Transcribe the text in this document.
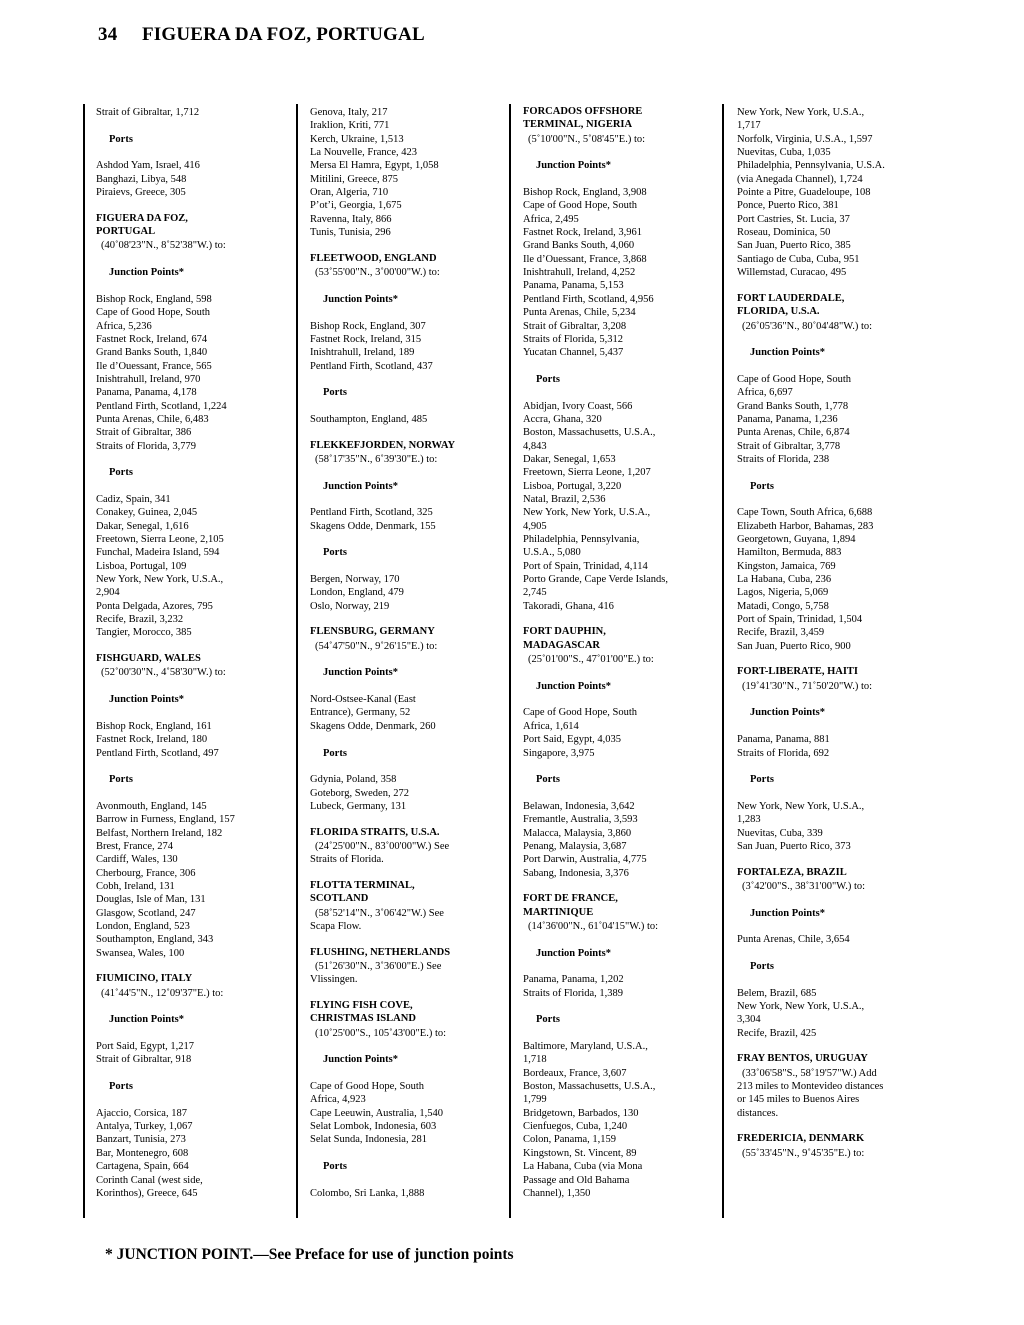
34 FIGUERA DA FOZ, PORTUGAL
Strait of Gibraltar, 1,712
Ports
Ashdod Yam, Israel, 416
Banghazi, Libya, 548
Piraievs, Greece, 305
FIGUERA DA FOZ,
PORTUGAL
(40˚08'23"N., 8˚52'38"W.) to:
Junction Points*
Bishop Rock, England, 598
Cape of Good Hope, South
Africa, 5,236
Fastnet Rock, Ireland, 674
Grand Banks South, 1,840
Ile d’Ouessant, France, 565
Inishtrahull, Ireland, 970
Panama, Panama, 4,178
Pentland Firth, Scotland, 1,224
Punta Arenas, Chile, 6,483
Strait of Gibraltar, 386
Straits of Florida, 3,779
Ports
Cadiz, Spain, 341
Conakey, Guinea, 2,045
Dakar, Senegal, 1,616
Freetown, Sierra Leone, 2,105
Funchal, Madeira Island, 594
Lisboa, Portugal, 109
New York, New York, U.S.A.,
2,904
Ponta Delgada, Azores, 795
Recife, Brazil, 3,232
Tangier, Morocco, 385
FISHGUARD, WALES
(52˚00'30"N., 4˚58'30"W.) to:
Junction Points*
Bishop Rock, England, 161
Fastnet Rock, Ireland, 180
Pentland Firth, Scotland, 497
Ports
Avonmouth, England, 145
Barrow in Furness, England, 157
Belfast, Northern Ireland, 182
Brest, France, 274
Cardiff, Wales, 130
Cherbourg, France, 306
Cobh, Ireland, 131
Douglas, Isle of Man, 131
Glasgow, Scotland, 247
London, England, 523
Southampton, England, 343
Swansea, Wales, 100
FIUMICINO, ITALY
(41˚44'5"N., 12˚09'37"E.) to:
Junction Points*
Port Said, Egypt, 1,217
Strait of Gibraltar, 918
Ports
Ajaccio, Corsica, 187
Antalya, Turkey, 1,067
Banzart, Tunisia, 273
Bar, Montenegro, 608
Cartagena, Spain, 664
Corinth Canal (west side,
Korinthos), Greece, 645
Genova, Italy, 217
Iraklion, Kriti, 771
Kerch, Ukraine, 1,513
La Nouvelle, France, 423
Mersa El Hamra, Egypt, 1,058
Mitilini, Greece, 875
Oran, Algeria, 710
P’ot’i, Georgia, 1,675
Ravenna, Italy, 866
Tunis, Tunisia, 296
FLEETWOOD, ENGLAND
(53˚55'00"N., 3˚00'00"W.) to:
Junction Points*
Bishop Rock, England, 307
Fastnet Rock, Ireland, 315
Inishtrahull, Ireland, 189
Pentland Firth, Scotland, 437
Ports
Southampton, England, 485
FLEKKEFJORDEN, NORWAY
(58˚17'35"N., 6˚39'30"E.) to:
Junction Points*
Pentland Firth, Scotland, 325
Skagens Odde, Denmark, 155
Ports
Bergen, Norway, 170
London, England, 479
Oslo, Norway, 219
FLENSBURG, GERMANY
(54˚47'50"N., 9˚26'15"E.) to:
Junction Points*
Nord-Ostsee-Kanal (East
Entrance), Germany, 52
Skagens Odde, Denmark, 260
Ports
Gdynia, Poland, 358
Goteborg, Sweden, 272
Lubeck, Germany, 131
FLORIDA STRAITS, U.S.A.
(24˚25'00"N., 83˚00'00"W.) See
Straits of Florida.
FLOTTA TERMINAL,
SCOTLAND
(58˚52'14"N., 3˚06'42"W.) See
Scapa Flow.
FLUSHING, NETHERLANDS
(51˚26'30"N., 3˚36'00"E.) See
Vlissingen.
FLYING FISH COVE,
CHRISTMAS ISLAND
(10˚25'00"S., 105˚43'00"E.) to:
Junction Points*
Cape of Good Hope, South
Africa, 4,923
Cape Leeuwin, Australia, 1,540
Selat Lombok, Indonesia, 603
Selat Sunda, Indonesia, 281
Ports
Colombo, Sri Lanka, 1,888
FORCADOS OFFSHORE
TERMINAL, NIGERIA
(5˚10'00"N., 5˚08'45"E.) to:
Junction Points*
Bishop Rock, England, 3,908
Cape of Good Hope, South
Africa, 2,495
Fastnet Rock, Ireland, 3,961
Grand Banks South, 4,060
Ile d’Ouessant, France, 3,868
Inishtrahull, Ireland, 4,252
Panama, Panama, 5,153
Pentland Firth, Scotland, 4,956
Punta Arenas, Chile, 5,234
Strait of Gibraltar, 3,208
Straits of Florida, 5,312
Yucatan Channel, 5,437
Ports
Abidjan, Ivory Coast, 566
Accra, Ghana, 320
Boston, Massachusetts, U.S.A.,
4,843
Dakar, Senegal, 1,653
Freetown, Sierra Leone, 1,207
Lisboa, Portugal, 3,220
Natal, Brazil, 2,536
New York, New York, U.S.A.,
4,905
Philadelphia, Pennsylvania,
U.S.A., 5,080
Port of Spain, Trinidad, 4,114
Porto Grande, Cape Verde Islands,
2,745
Takoradi, Ghana, 416
FORT DAUPHIN,
MADAGASCAR
(25˚01'00"S., 47˚01'00"E.) to:
Junction Points*
Cape of Good Hope, South
Africa, 1,614
Port Said, Egypt, 4,035
Singapore, 3,975
Ports
Belawan, Indonesia, 3,642
Fremantle, Australia, 3,593
Malacca, Malaysia, 3,860
Penang, Malaysia, 3,687
Port Darwin, Australia, 4,775
Sabang, Indonesia, 3,376
FORT DE FRANCE,
MARTINIQUE
(14˚36'00"N., 61˚04'15"W.) to:
Junction Points*
Panama, Panama, 1,202
Straits of Florida, 1,389
Ports
Baltimore, Maryland, U.S.A.,
1,718
Bordeaux, France, 3,607
Boston, Massachusetts, U.S.A.,
1,799
Bridgetown, Barbados, 130
Cienfuegos, Cuba, 1,240
Colon, Panama, 1,159
Kingstown, St. Vincent, 89
La Habana, Cuba (via Mona
Passage and Old Bahama
Channel), 1,350
New York, New York, U.S.A.,
1,717
Norfolk, Virginia, U.S.A., 1,597
Nuevitas, Cuba, 1,035
Philadelphia, Pennsylvania, U.S.A.
(via Anegada Channel), 1,724
Pointe a Pitre, Guadeloupe, 108
Ponce, Puerto Rico, 381
Port Castries, St. Lucia, 37
Roseau, Dominica, 50
San Juan, Puerto Rico, 385
Santiago de Cuba, Cuba, 951
Willemstad, Curacao, 495
FORT LAUDERDALE,
FLORIDA, U.S.A.
(26˚05'36"N., 80˚04'48"W.) to:
Junction Points*
Cape of Good Hope, South
Africa, 6,697
Grand Banks South, 1,778
Panama, Panama, 1,236
Punta Arenas, Chile, 6,874
Strait of Gibraltar, 3,778
Straits of Florida, 238
Ports
Cape Town, South Africa, 6,688
Elizabeth Harbor, Bahamas, 283
Georgetown, Guyana, 1,894
Hamilton, Bermuda, 883
Kingston, Jamaica, 769
La Habana, Cuba, 236
Lagos, Nigeria, 5,069
Matadi, Congo, 5,758
Port of Spain, Trinidad, 1,504
Recife, Brazil, 3,459
San Juan, Puerto Rico, 900
FORT-LIBERATE, HAITI
(19˚41'30"N., 71˚50'20"W.) to:
Junction Points*
Panama, Panama, 881
Straits of Florida, 692
Ports
New York, New York, U.S.A.,
1,283
Nuevitas, Cuba, 339
San Juan, Puerto Rico, 373
FORTALEZA, BRAZIL
(3˚42'00"S., 38˚31'00"W.) to:
Junction Points*
Punta Arenas, Chile, 3,654
Ports
Belem, Brazil, 685
New York, New York, U.S.A.,
3,304
Recife, Brazil, 425
FRAY BENTOS, URUGUAY
(33˚06'58"S., 58˚19'57"W.) Add
213 miles to Montevideo distances
or 145 miles to Buenos Aires
distances.
FREDERICIA, DENMARK
(55˚33'45"N., 9˚45'35"E.) to:
* JUNCTION POINT.—See Preface for use of junction points
